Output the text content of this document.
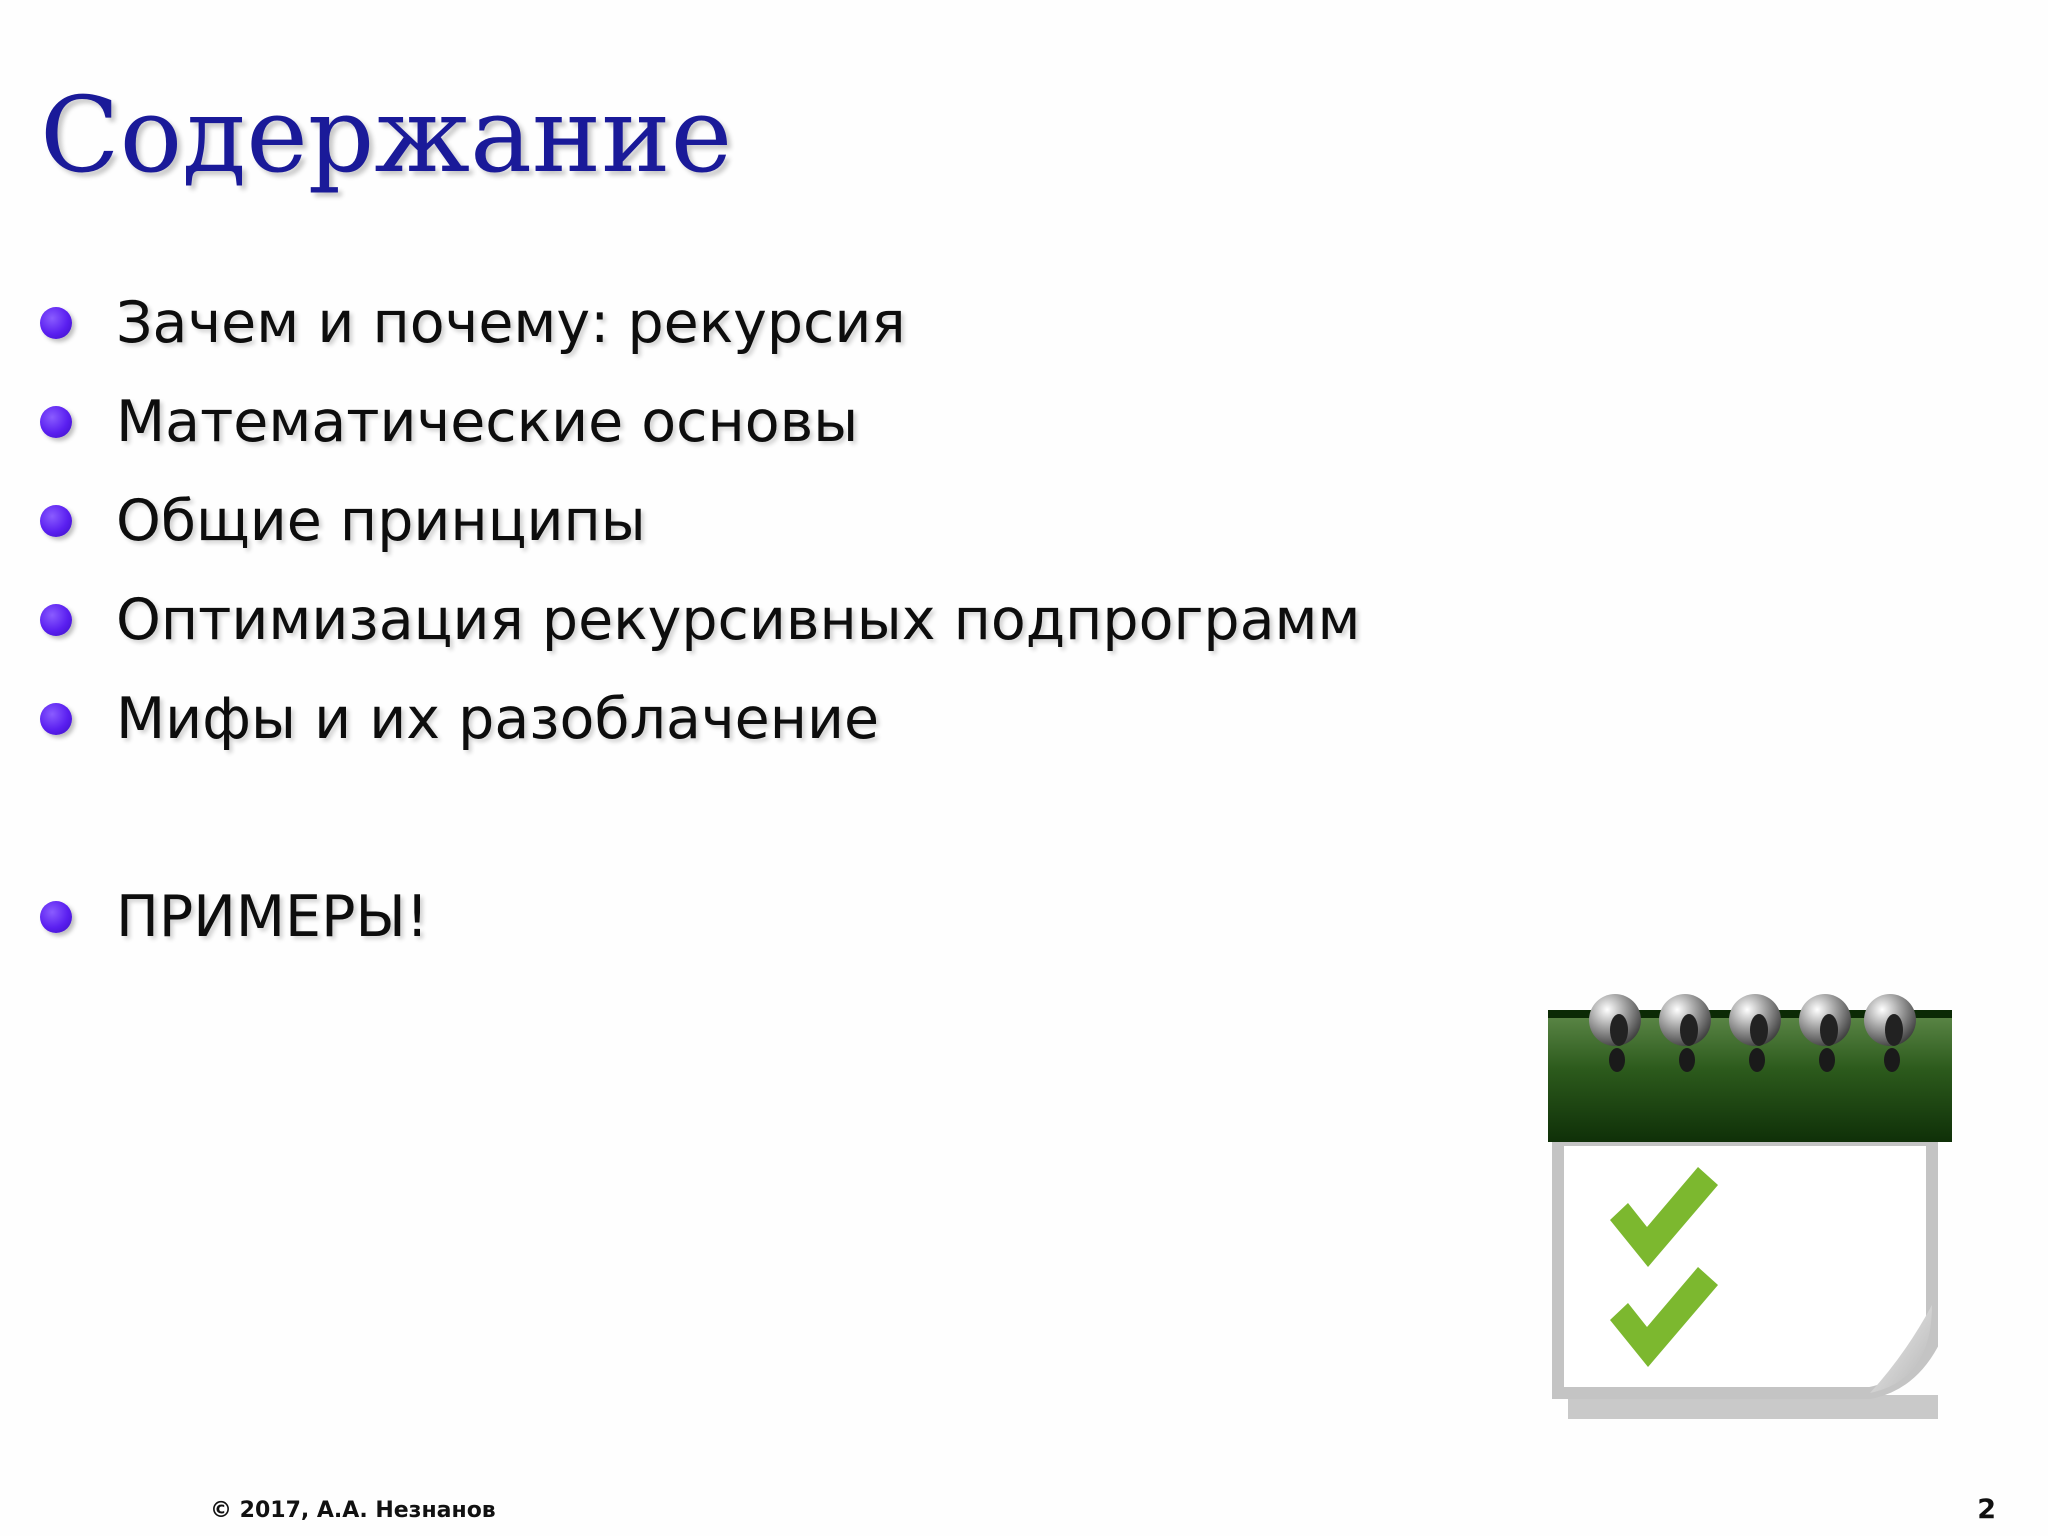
Содержание
Зачем и почему: рекурсия
Математические основы
Общие принципы
Оптимизация рекурсивных подпрограмм
Мифы и их разоблачение
ПРИМЕРЫ!
© 2017, А.А. Незнанов	2
